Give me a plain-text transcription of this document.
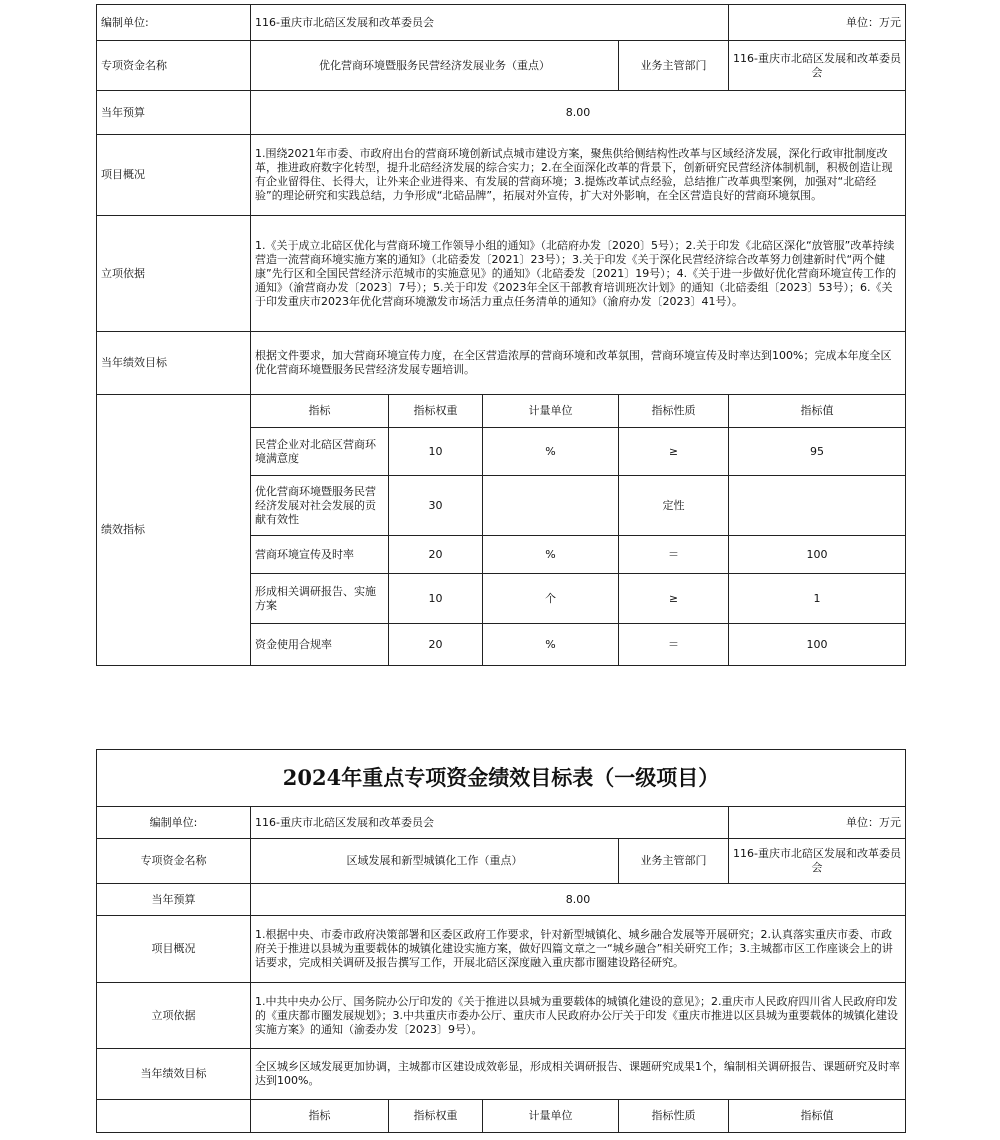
编制单位:	116-重庆市北碚区发展和改革委员会				单位：万元
专项资金名称	优化营商环境暨服务民营经济发展业务（重点）			业务主管部门	116-重庆市北碚区发展和改革委员会
当年预算	8.00				
项目概况	1.围绕2021年市委、市政府出台的营商环境创新试点城市建设方案，聚焦供给侧结构性改革与区域经济发展，深化行政审批制度改革，推进政府数字化转型，提升北碚经济发展的综合实力；2.在全面深化改革的背景下，创新研究民营经济体制机制，积极创造让现有企业留得住、长得大，让外来企业进得来、有发展的营商环境；3.提炼改革试点经验，总结推广改革典型案例，加强对“北碚经验”的理论研究和实践总结，力争形成“北碚品牌”，拓展对外宣传，扩大对外影响，在全区营造良好的营商环境氛围。				
立项依据	1.《关于成立北碚区优化与营商环境工作领导小组的通知》（北碚府办发〔2020〕5号）；2.关于印发《北碚区深化“放管服”改革持续营造一流营商环境实施方案的通知》（北碚委发〔2021〕23号）；3.关于印发《关于深化民营经济综合改革努力创建新时代“两个健康”先行区和全国民营经济示范城市的实施意见》的通知》（北碚委发〔2021〕19号）；4.《关于进一步做好优化营商环境宣传工作的通知》（渝营商办发〔2023〕7号）；5.关于印发《2023年全区干部教育培训班次计划》的通知（北碚委组〔2023〕53号）；6.《关于印发重庆市2023年优化营商环境激发市场活力重点任务清单的通知》（渝府办发〔2023〕41号）。				
当年绩效目标	根据文件要求，加大营商环境宣传力度，在全区营造浓厚的营商环境和改革氛围，营商环境宣传及时率达到100%；完成本年度全区优化营商环境暨服务民营经济发展专题培训。				
绩效指标	指标	指标权重	计量单位	指标性质	指标值
	民营企业对北碚区营商环境满意度	10	%	≥	95
	优化营商环境暨服务民营经济发展对社会发展的贡献有效性	30		定性	
	营商环境宣传及时率	20	%	＝	100
	形成相关调研报告、实施方案	10	个	≥	1
	资金使用合规率	20	%	＝	100
2024年重点专项资金绩效目标表（一级项目）					
编制单位:	116-重庆市北碚区发展和改革委员会				单位：万元
专项资金名称	区域发展和新型城镇化工作（重点）			业务主管部门	116-重庆市北碚区发展和改革委员会
当年预算	8.00				
项目概况	1.根据中央、市委市政府决策部署和区委区政府工作要求，针对新型城镇化、城乡融合发展等开展研究；2.认真落实重庆市委、市政府关于推进以县城为重要载体的城镇化建设实施方案，做好四篇文章之一“城乡融合”相关研究工作；3.主城都市区工作座谈会上的讲话要求，完成相关调研及报告撰写工作，开展北碚区深度融入重庆都市圈建设路径研究。				
立项依据	1.中共中央办公厅、国务院办公厅印发的《关于推进以县城为重要载体的城镇化建设的意见》；2.重庆市人民政府四川省人民政府印发的《重庆都市圈发展规划》；3.中共重庆市委办公厅、重庆市人民政府办公厅关于印发《重庆市推进以区县城为重要载体的城镇化建设实施方案》的通知（渝委办发〔2023〕9号）。				
当年绩效目标	全区城乡区域发展更加协调，主城都市区建设成效彰显，形成相关调研报告、课题研究成果1个，编制相关调研报告、课题研究及时率达到100%。				
	指标	指标权重	计量单位	指标性质	指标值
